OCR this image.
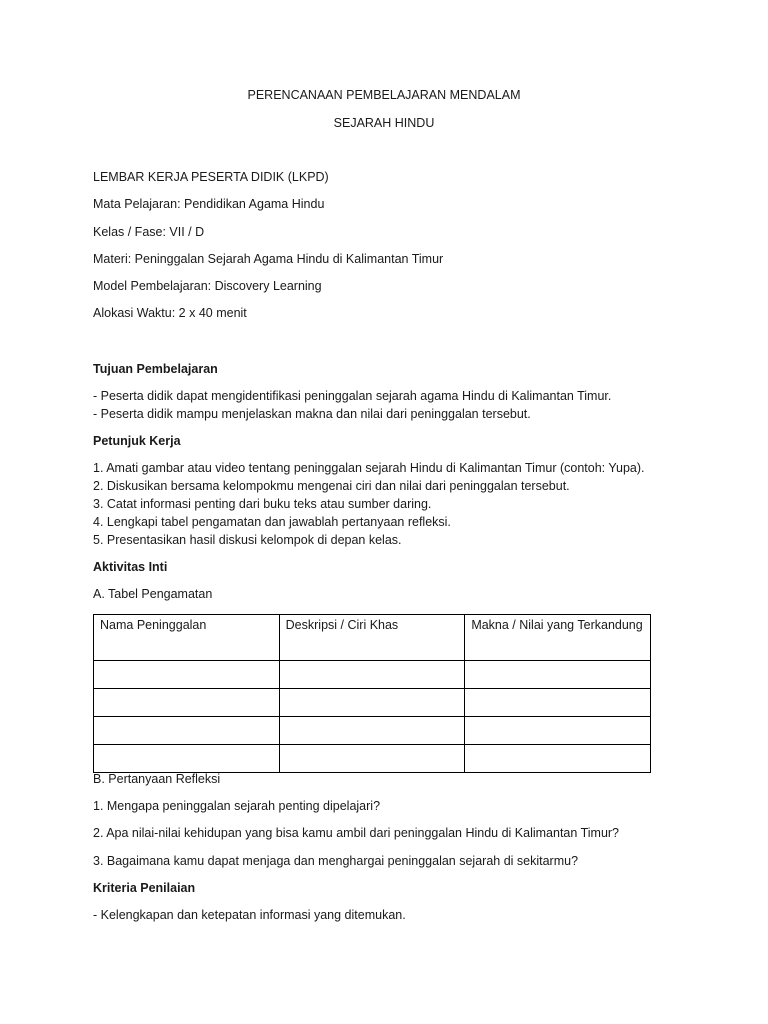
PERENCANAAN PEMBELAJARAN MENDALAM
SEJARAH HINDU
LEMBAR KERJA PESERTA DIDIK (LKPD)
Mata Pelajaran: Pendidikan Agama Hindu
Kelas / Fase: VII / D
Materi: Peninggalan Sejarah Agama Hindu di Kalimantan Timur
Model Pembelajaran: Discovery Learning
Alokasi Waktu: 2 x 40 menit
Tujuan Pembelajaran
- Peserta didik dapat mengidentifikasi peninggalan sejarah agama Hindu di Kalimantan Timur.
- Peserta didik mampu menjelaskan makna dan nilai dari peninggalan tersebut.
Petunjuk Kerja
1. Amati gambar atau video tentang peninggalan sejarah Hindu di Kalimantan Timur (contoh: Yupa).
2. Diskusikan bersama kelompokmu mengenai ciri dan nilai dari peninggalan tersebut.
3. Catat informasi penting dari buku teks atau sumber daring.
4. Lengkapi tabel pengamatan dan jawablah pertanyaan refleksi.
5. Presentasikan hasil diskusi kelompok di depan kelas.
Aktivitas Inti
A. Tabel Pengamatan
Nama Peninggalan	Deskripsi / Ciri Khas	Makna / Nilai yang Terkandung

B. Pertanyaan Refleksi
1. Mengapa peninggalan sejarah penting dipelajari?
2. Apa nilai-nilai kehidupan yang bisa kamu ambil dari peninggalan Hindu di Kalimantan Timur?
3. Bagaimana kamu dapat menjaga dan menghargai peninggalan sejarah di sekitarmu?
Kriteria Penilaian
- Kelengkapan dan ketepatan informasi yang ditemukan.
